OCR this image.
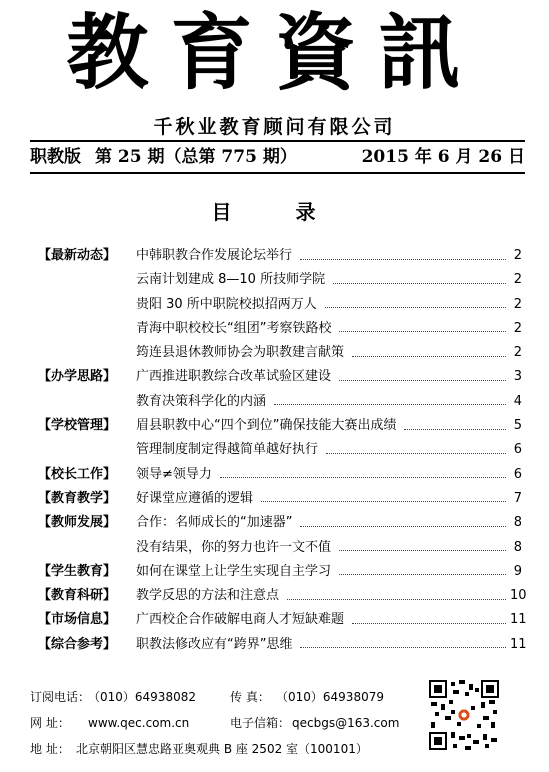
教育資訊
千秋业教育顾问有限公司
职教版 第 25 期（总第 775 期）	2015 年 6 月 26 日
目　录
【最新动态】	中韩职教合作发展论坛举行	2
云南计划建成 8—10 所技师学院	2
贵阳 30 所中职院校拟招两万人	2
青海中职校校长“组团”考察铁路校	2
筠连县退休教师协会为职教建言献策	2
【办学思路】	广西推进职教综合改革试验区建设	3
教育决策科学化的内涵	4
【学校管理】	眉县职教中心“四个到位”确保技能大赛出成绩	5
管理制度制定得越简单越好执行	6
【校长工作】	领导≠领导力	6
【教育教学】	好课堂应遵循的逻辑	7
【教师发展】	合作：名师成长的“加速器”	8
没有结果，你的努力也许一文不值	8
【学生教育】	如何在课堂上让学生实现自主学习	9
【教育科研】	教学反思的方法和注意点	10
【市场信息】	广西校企合作破解电商人才短缺难题	11
【综合参考】	职教法修改应有“跨界”思维	11
订阅电话：
（010）64938082	传 真： （010）64938079
网 址： www.qec.com.cn	电子信箱： qecbgs@163.com
地 址： 北京朝阳区慧忠路亚奥观典 B 座 2502 室（100101）
